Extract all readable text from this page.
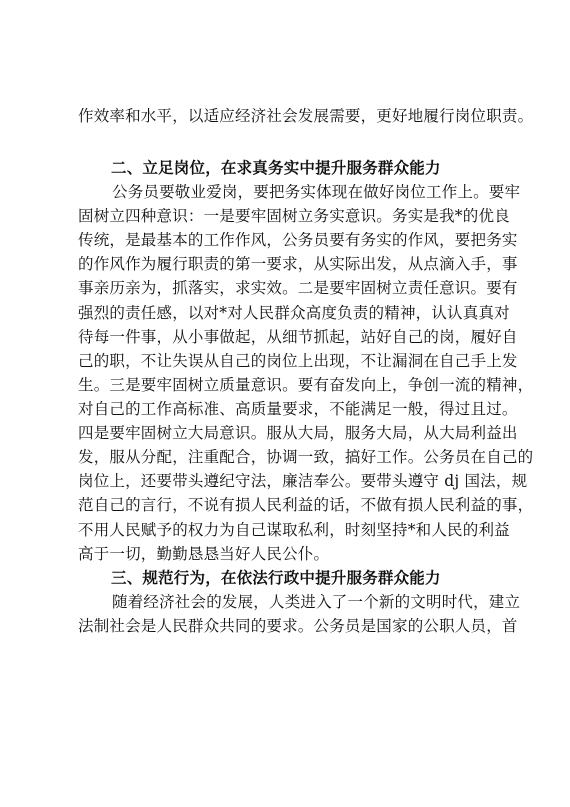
作效率和水平，以适应经济社会发展需要，更好地履行岗位职责。
二、立足岗位，在求真务实中提升服务群众能力
公务员要敬业爱岗，要把务实体现在做好岗位工作上。要牢
固树立四种意识：一是要牢固树立务实意识。务实是我*的优良
传统，是最基本的工作作风，公务员要有务实的作风，要把务实
的作风作为履行职责的第一要求，从实际出发，从点滴入手，事
事亲历亲为，抓落实，求实效。二是要牢固树立责任意识。要有
强烈的责任感，以对*对人民群众高度负责的精神，认认真真对
待每一件事，从小事做起，从细节抓起，站好自己的岗，履好自
己的职，不让失误从自己的岗位上出现，不让漏洞在自己手上发
生。三是要牢固树立质量意识。要有奋发向上，争创一流的精神，
对自己的工作高标准、高质量要求，不能满足一般，得过且过。
四是要牢固树立大局意识。服从大局，服务大局，从大局利益出
发，服从分配，注重配合，协调一致，搞好工作。公务员在自己的
岗位上，还要带头遵纪守法，廉洁奉公。要带头遵守 dj 国法，规
范自己的言行，不说有损人民利益的话，不做有损人民利益的事，
不用人民赋予的权力为自己谋取私利，时刻坚持*和人民的利益
高于一切，勤勤恳恳当好人民公仆。
三、规范行为，在依法行政中提升服务群众能力
随着经济社会的发展，人类进入了一个新的文明时代，建立
法制社会是人民群众共同的要求。公务员是国家的公职人员，首
